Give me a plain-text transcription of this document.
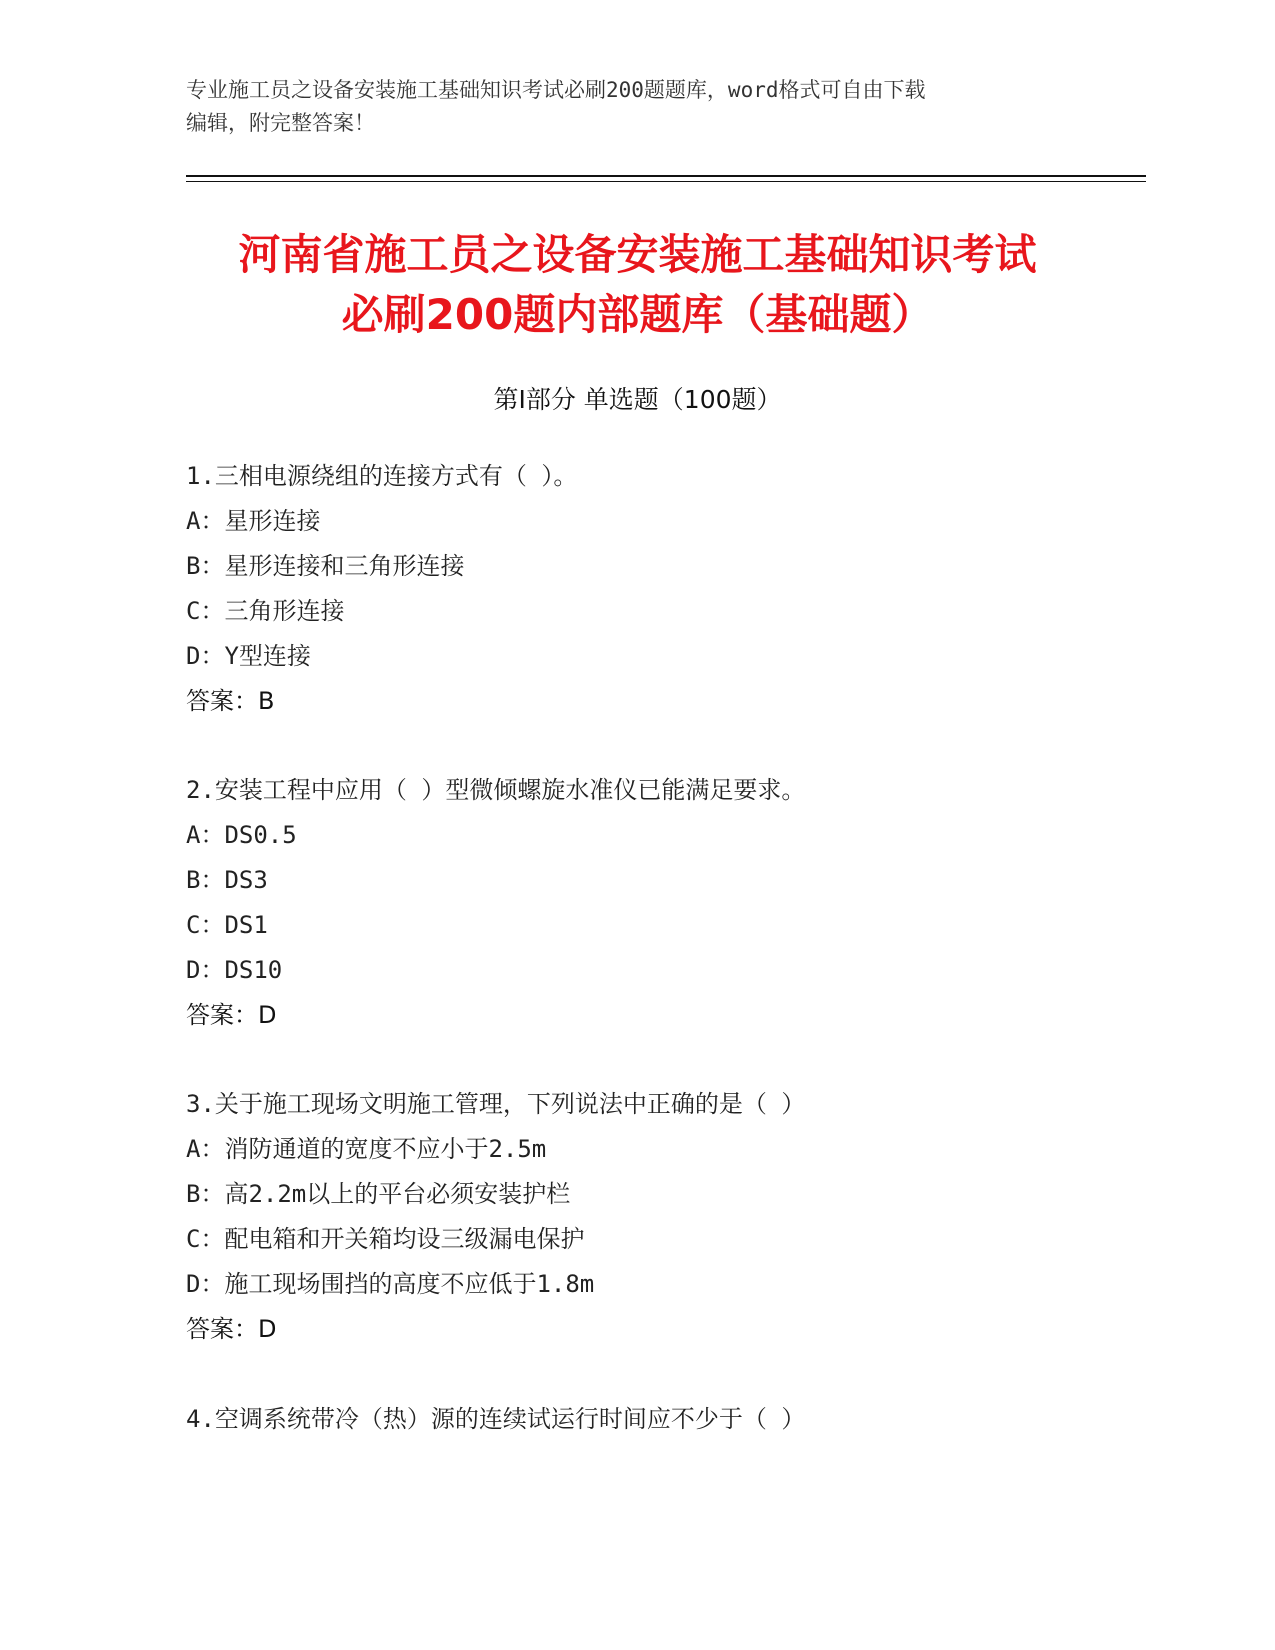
专业施工员之设备安装施工基础知识考试必刷200题题库，word格式可自由下载
编辑，附完整答案！
河南省施工员之设备安装施工基础知识考试
必刷200题内部题库（基础题）
第Ⅰ部分 单选题（100题）
1.三相电源绕组的连接方式有（ ）。
A：星形连接
B：星形连接和三角形连接
C：三角形连接
D：Y型连接
答案：B
2.安装工程中应用（ ）型微倾螺旋水准仪已能满足要求。
A：DS0.5
B：DS3
C：DS1
D：DS10
答案：D
3.关于施工现场文明施工管理，下列说法中正确的是（ ）
A：消防通道的宽度不应小于2.5m
B：高2.2m以上的平台必须安装护栏
C：配电箱和开关箱均设三级漏电保护
D：施工现场围挡的高度不应低于1.8m
答案：D
4.空调系统带冷（热）源的连续试运行时间应不少于（ ）
